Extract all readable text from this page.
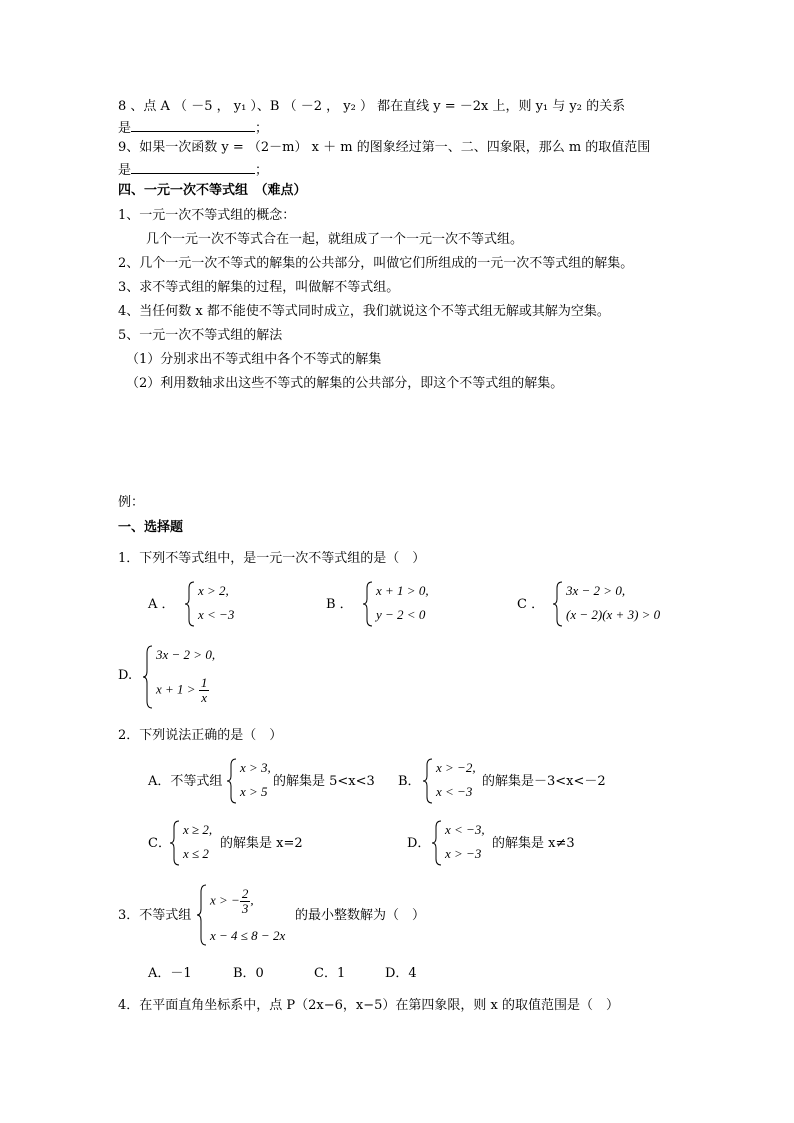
8 、点 A （ －5 ， y₁ ）、B （ －2 ， y₂ ） 都在直线 y = －2x 上，则 y₁ 与 y₂ 的关系
是	；
9、如果一次函数 y = （2－m） x ＋ m 的图象经过第一、二、四象限，那么 m 的取值范围
是	；
四、一元一次不等式组　（难点）
1、一元一次不等式组的概念：
几个一元一次不等式合在一起，就组成了一个一元一次不等式组。
2、几个一元一次不等式的解集的公共部分，叫做它们所组成的一元一次不等式组的解集。
3、求不等式组的解集的过程，叫做解不等式组。
4、当任何数 x 都不能使不等式同时成立，我们就说这个不等式组无解或其解为空集。
5、一元一次不等式组的解法
（1）分别求出不等式组中各个不等式的解集
（2）利用数轴求出这些不等式的解集的公共部分，即这个不等式组的解集。
例：
一、选择题
1．下列不等式组中，是一元一次不等式组的是（　）
A ．
x > 2,
x < −3
B ．
x + 1 > 0,
y − 2 < 0
C ．
3x − 2 > 0,
(x − 2)(x + 3) > 0
D.
3x − 2 > 0,
$x + 1 > \frac{1}{x}$
2．下列说法正确的是（　）
A．不等式组
x > 3,
x > 5
的解集是 5<x<3 B．
x > −2,
x < −3
的解集是－3<x<－2
C．
x ≥ 2,
x ≤ 2
的解集是 x=2	D．
x < −3,
x > −3
的解集是 x≠3
3．不等式组
x > − $\frac{2}{3}$ ,
x − 4 ≤ 8 − 2x
的最小整数解为（　）
A．－1	B．0	C．1	D．4
4．在平面直角坐标系中，点 P（2x−6，x−5）在第四象限，则 x 的取值范围是（　）
